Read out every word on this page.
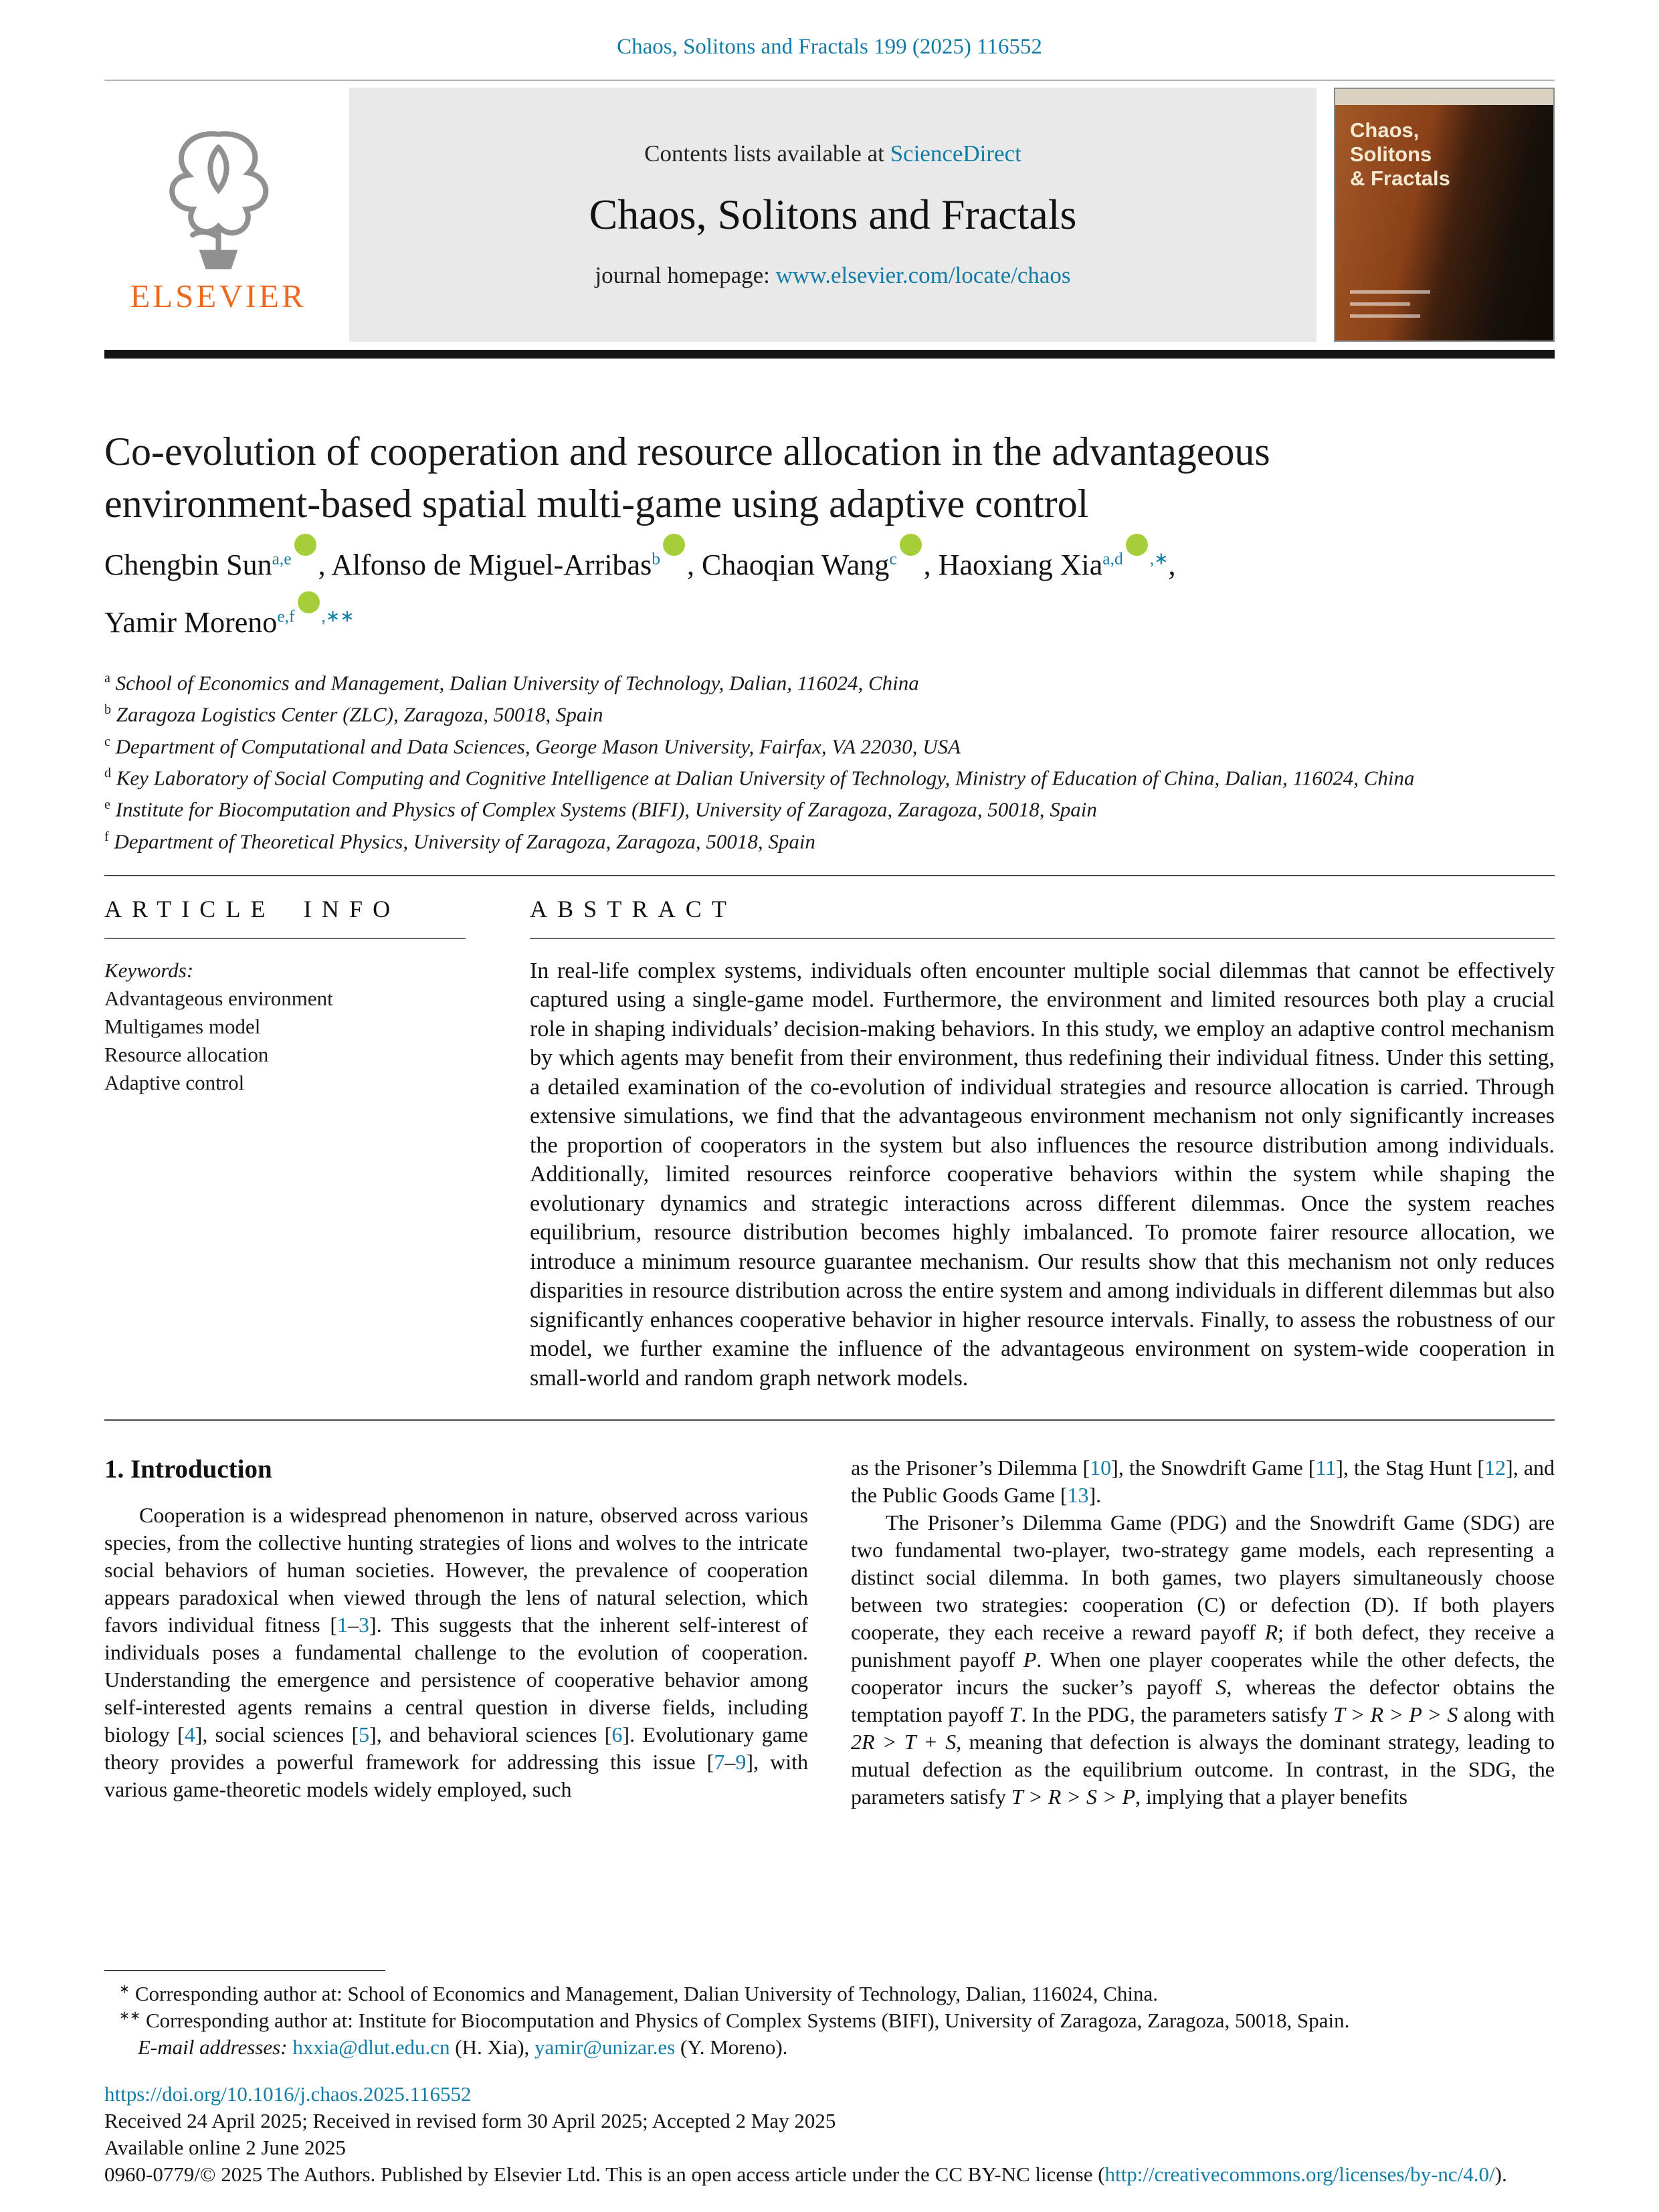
Chaos, Solitons and Fractals 199 (2025) 116552
ELSEVIER
Contents lists available at ScienceDirect
Chaos, Solitons and Fractals
journal homepage: www.elsevier.com/locate/chaos
Chaos,
Solitons
& Fractals
Co-evolution of cooperation and resource allocation in the advantageous
environment-based spatial multi-game using adaptive control
Chengbin Sun$^{a,e}$ iD , Alfonso de Miguel-Arribas$^b$ iD , Chaoqian Wang$^c$ iD , Haoxiang Xia$^{a,d}$ iD ,∗,
Yamir Moreno$^{e,f}$ iD ,∗∗
$^a$ School of Economics and Management, Dalian University of Technology, Dalian, 116024, China
$^b$ Zaragoza Logistics Center (ZLC), Zaragoza, 50018, Spain
$^c$ Department of Computational and Data Sciences, George Mason University, Fairfax, VA 22030, USA
$^d$ Key Laboratory of Social Computing and Cognitive Intelligence at Dalian University of Technology, Ministry of Education of China, Dalian, 116024, China
$^e$ Institute for Biocomputation and Physics of Complex Systems (BIFI), University of Zaragoza, Zaragoza, 50018, Spain
$^f$ Department of Theoretical Physics, University of Zaragoza, Zaragoza, 50018, Spain
ARTICLE INFO
Keywords:
Advantageous environment
Multigames model
Resource allocation
Adaptive control
ABSTRACT
In real-life complex systems, individuals often encounter multiple social dilemmas that cannot be effectively captured using a single-game model. Furthermore, the environment and limited resources both play a crucial role in shaping individuals’ decision-making behaviors. In this study, we employ an adaptive control mechanism by which agents may benefit from their environment, thus redefining their individual fitness. Under this setting, a detailed examination of the co-evolution of individual strategies and resource allocation is carried. Through extensive simulations, we find that the advantageous environment mechanism not only significantly increases the proportion of cooperators in the system but also influences the resource distribution among individuals. Additionally, limited resources reinforce cooperative behaviors within the system while shaping the evolutionary dynamics and strategic interactions across different dilemmas. Once the system reaches equilibrium, resource distribution becomes highly imbalanced. To promote fairer resource allocation, we introduce a minimum resource guarantee mechanism. Our results show that this mechanism not only reduces disparities in resource distribution across the entire system and among individuals in different dilemmas but also significantly enhances cooperative behavior in higher resource intervals. Finally, to assess the robustness of our model, we further examine the influence of the advantageous environment on system-wide cooperation in small-world and random graph network models.
1. Introduction

Cooperation is a widespread phenomenon in nature, observed across various species, from the collective hunting strategies of lions and wolves to the intricate social behaviors of human societies. However, the prevalence of cooperation appears paradoxical when viewed through the lens of natural selection, which favors individual fitness [1–3]. This suggests that the inherent self-interest of individuals poses a fundamental challenge to the evolution of cooperation. Understanding the emergence and persistence of cooperative behavior among self-interested agents remains a central question in diverse fields, including biology [4], social sciences [5], and behavioral sciences [6]. Evolutionary game theory provides a powerful framework for addressing this issue [7–9], with various game-theoretic models widely employed, such

as the Prisoner’s Dilemma [10], the Snowdrift Game [11], the Stag Hunt [12], and the Public Goods Game [13].

The Prisoner’s Dilemma Game (PDG) and the Snowdrift Game (SDG) are two fundamental two-player, two-strategy game models, each representing a distinct social dilemma. In both games, two players simultaneously choose between two strategies: cooperation (C) or defection (D). If both players cooperate, they each receive a reward payoff R; if both defect, they receive a punishment payoff P. When one player cooperates while the other defects, the cooperator incurs the sucker’s payoff S, whereas the defector obtains the temptation payoff T. In the PDG, the parameters satisfy T > R > P > S along with 2R > T + S, meaning that defection is always the dominant strategy, leading to mutual defection as the equilibrium outcome. In contrast, in the SDG, the parameters satisfy T > R > S > P, implying that a player benefits

∗ Corresponding author at: School of Economics and Management, Dalian University of Technology, Dalian, 116024, China.
∗∗ Corresponding author at: Institute for Biocomputation and Physics of Complex Systems (BIFI), University of Zaragoza, Zaragoza, 50018, Spain.
E-mail addresses: hxxia@dlut.edu.cn (H. Xia), yamir@unizar.es (Y. Moreno).
https://doi.org/10.1016/j.chaos.2025.116552
Received 24 April 2025; Received in revised form 30 April 2025; Accepted 2 May 2025
Available online 2 June 2025
0960-0779/© 2025 The Authors. Published by Elsevier Ltd. This is an open access article under the CC BY-NC license (http://creativecommons.org/licenses/by-nc/4.0/).
